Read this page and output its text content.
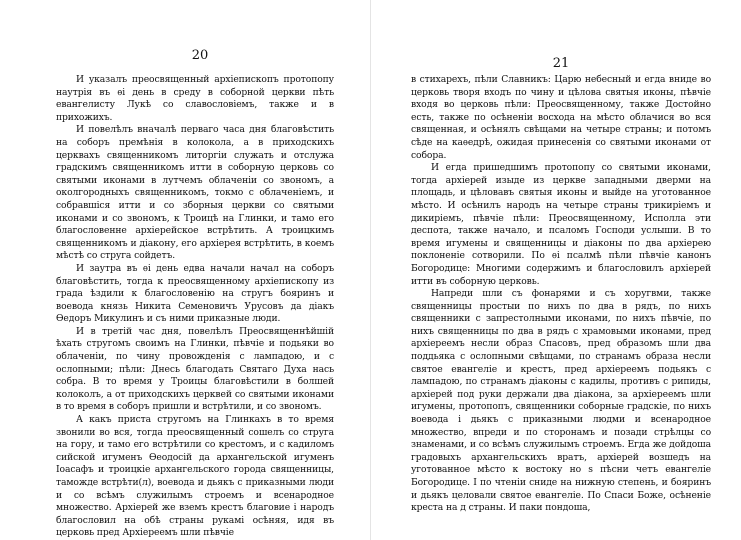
20

И указалъ преосвященный архіепископъ протопопу наутрія въ ѳі день в среду в соборной церкви пѣть евангелисту Лукѣ со славословіемъ, также и в прихожихъ.

И повелѣлъ вначалѣ перваго часа дня благовѣстить на соборъ премѣнія в колокола, а в приходскихъ церквахъ священникомъ литоргіи служать и отслужа градскимъ священникомъ итти в соборную церковь со святыми иконами в лутчемъ облаченіи со звономъ, а околгородныхъ священникомъ, токмо с облаченіемъ, и собравшіся итти и со зборныя церкви со святыми иконами и со звономъ, к Троицѣ на Глинки, и тамо его благословенне архіерейское встрѣтить. А троицкимъ священникомъ и діакону, его архіерея встрѣтить, в коемъ мѣстѣ со струга сойдетъ.

И заутра въ ѳі день едва начали начал на соборъ благовѣстить, тогда к преосвященному архіепископу из града ѣздили к благословенію на стругъ бояринъ и воевода князь Никита Семеновичъ Урусовъ да діакъ Ѳедоръ Микулинъ и съ ними приказные люди.

И в третій час дня, повелѣлъ Преосвященнѣйшій ѣхать стругомъ своимъ на Глинки, пѣвчіе и подьяки во облаченіи, по чину провожденія с лампадою, и с ослопными; пѣли: Днесь благодать Святаго Духа нась собра. В то время у Троицы благовѣстили в болшей колоколъ, а от приходскихъ церквей со святыми иконами в то время в соборъ пришли и встрѣтили, и со звономъ.

А какъ приста стругомъ на Глинкахъ в то время звонили во вся, тогда преосвященный сошелъ со струга на гору, и тамо его встрѣтили со крестомъ, и с кадиломъ сийской игуменъ Ѳеодосій да архангельской игуменъ Іоасафъ и троицкіе архангельского города священницы, таможде встрѣти(л), воевода и дьякъ с приказными люди и со всѣмъ служилымъ строемъ и всенародное множество. Архіерей же вземъ крестъ благовие і народъ благословил на обѣ страны рукамі осѣняя, идя въ церковь пред Архіереемъ шли пѣвчіе

21

в стихарехъ, пѣли Славникъ: Царю небесный и егда вниде во церковь творя входъ по чину и цѣлова святыя иконы, пѣвчіе входя во церковь пѣли: Преосвященному, также Достойно есть, также по осѣненіи восхода на мѣсто облачися во вся священная, и осѣнялъ свѣщами на четыре страны; и потомъ сѣде на каѳедрѣ, ожидая принесенія со святыми иконами от собора.

И егда пришедшимъ протопопу со святыми иконами, тогда архіерей изыде из церкве западными дверми на площадь, и цѣловавъ святыя иконы и выйде на уготованное мѣсто. И осѣнилъ народъ на четыре страны трикиріемъ и дикиріемъ, пѣвчіе пѣли: Преосвященному, Исполла эти деспота, также начало, и псаломъ Господи услыши. В то время игумены и священницы и діаконы по два архіерею поклоненіе сотворили. По ѳі псалмѣ пѣли пѣвчіе канонъ Богородице: Многими содержимъ и благословилъ архіерей итти въ соборную церковь.

Напреди шли съ фонарями и съ хоругвми, также священницы простыи по нихъ по два в рядъ, по нихъ священники с запрестолными иконами, по нихъ пѣвчіе, по нихъ священницы по два в рядъ с храмовыми иконами, пред архіереемъ несли образ Спасовъ, пред образомъ шли два поддьяка с ослопными свѣщами, по странамъ образа несли святое евангеліе и крестъ, пред архіереемъ подьякъ с лампадою, по странамъ діаконы с кадилы, противъ с рипиды, архіерей под руки держали два діакона, за архіереемъ шли игумены, протопопъ, священники соборные градскіе, по нихъ воевода і дьякъ с приказными людми и всенародное множество, впреди и по сторонамъ и позади стрѣлцы со знаменами, и со всѣмъ служилымъ строемъ. Егда же дойдоша градовыхъ архангельскихъ вратъ, архіерей возшедъ на уготованное мѣсто к востоку но ѕ пѣсни четъ евангеліе Богородице. І по чтеніи сниде на нижную степень, и бояринъ и дьякъ целовали святое евангеліе. По Спаси Боже, осѣненіе креста на д страны. И паки пондоша,
